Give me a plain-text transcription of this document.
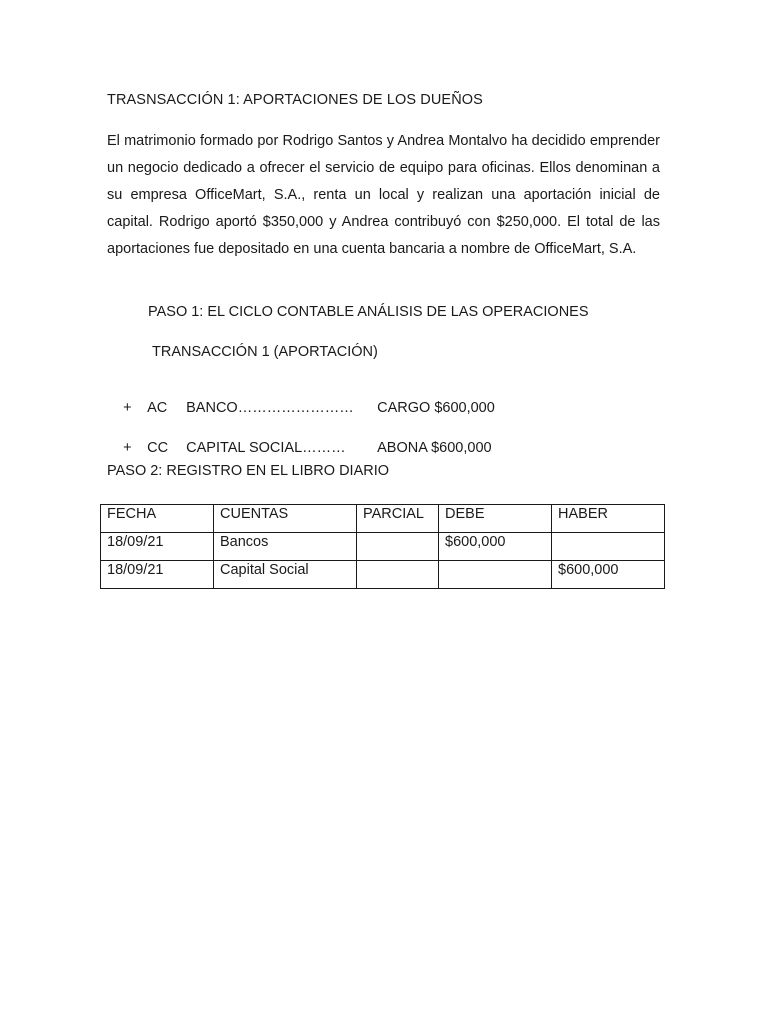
TRASNSACCIÓN 1: APORTACIONES DE LOS DUEÑOS
El matrimonio formado por Rodrigo Santos y Andrea Montalvo ha decidido emprender un negocio dedicado a ofrecer el servicio de equipo para oficinas. Ellos denominan a su empresa OfficeMart, S.A., renta un local y realizan una aportación inicial de capital. Rodrigo aportó $350,000 y Andrea contribuyó con $250,000. El total de las aportaciones fue depositado en una cuenta bancaria a nombre de OfficeMart, S.A.
PASO 1: EL CICLO CONTABLE ANÁLISIS DE LAS OPERACIONES
TRANSACCIÓN 1 (APORTACIÓN)

+ AC BANCO…………………… CARGO $600,000

+ CC CAPITAL SOCIAL……… ABONA $600,000

PASO 2: REGISTRO EN EL LIBRO DIARIO
FECHA	CUENTAS	PARCIAL	DEBE	HABER
18/09/21	Bancos		$600,000	
18/09/21	Capital Social			$600,000
